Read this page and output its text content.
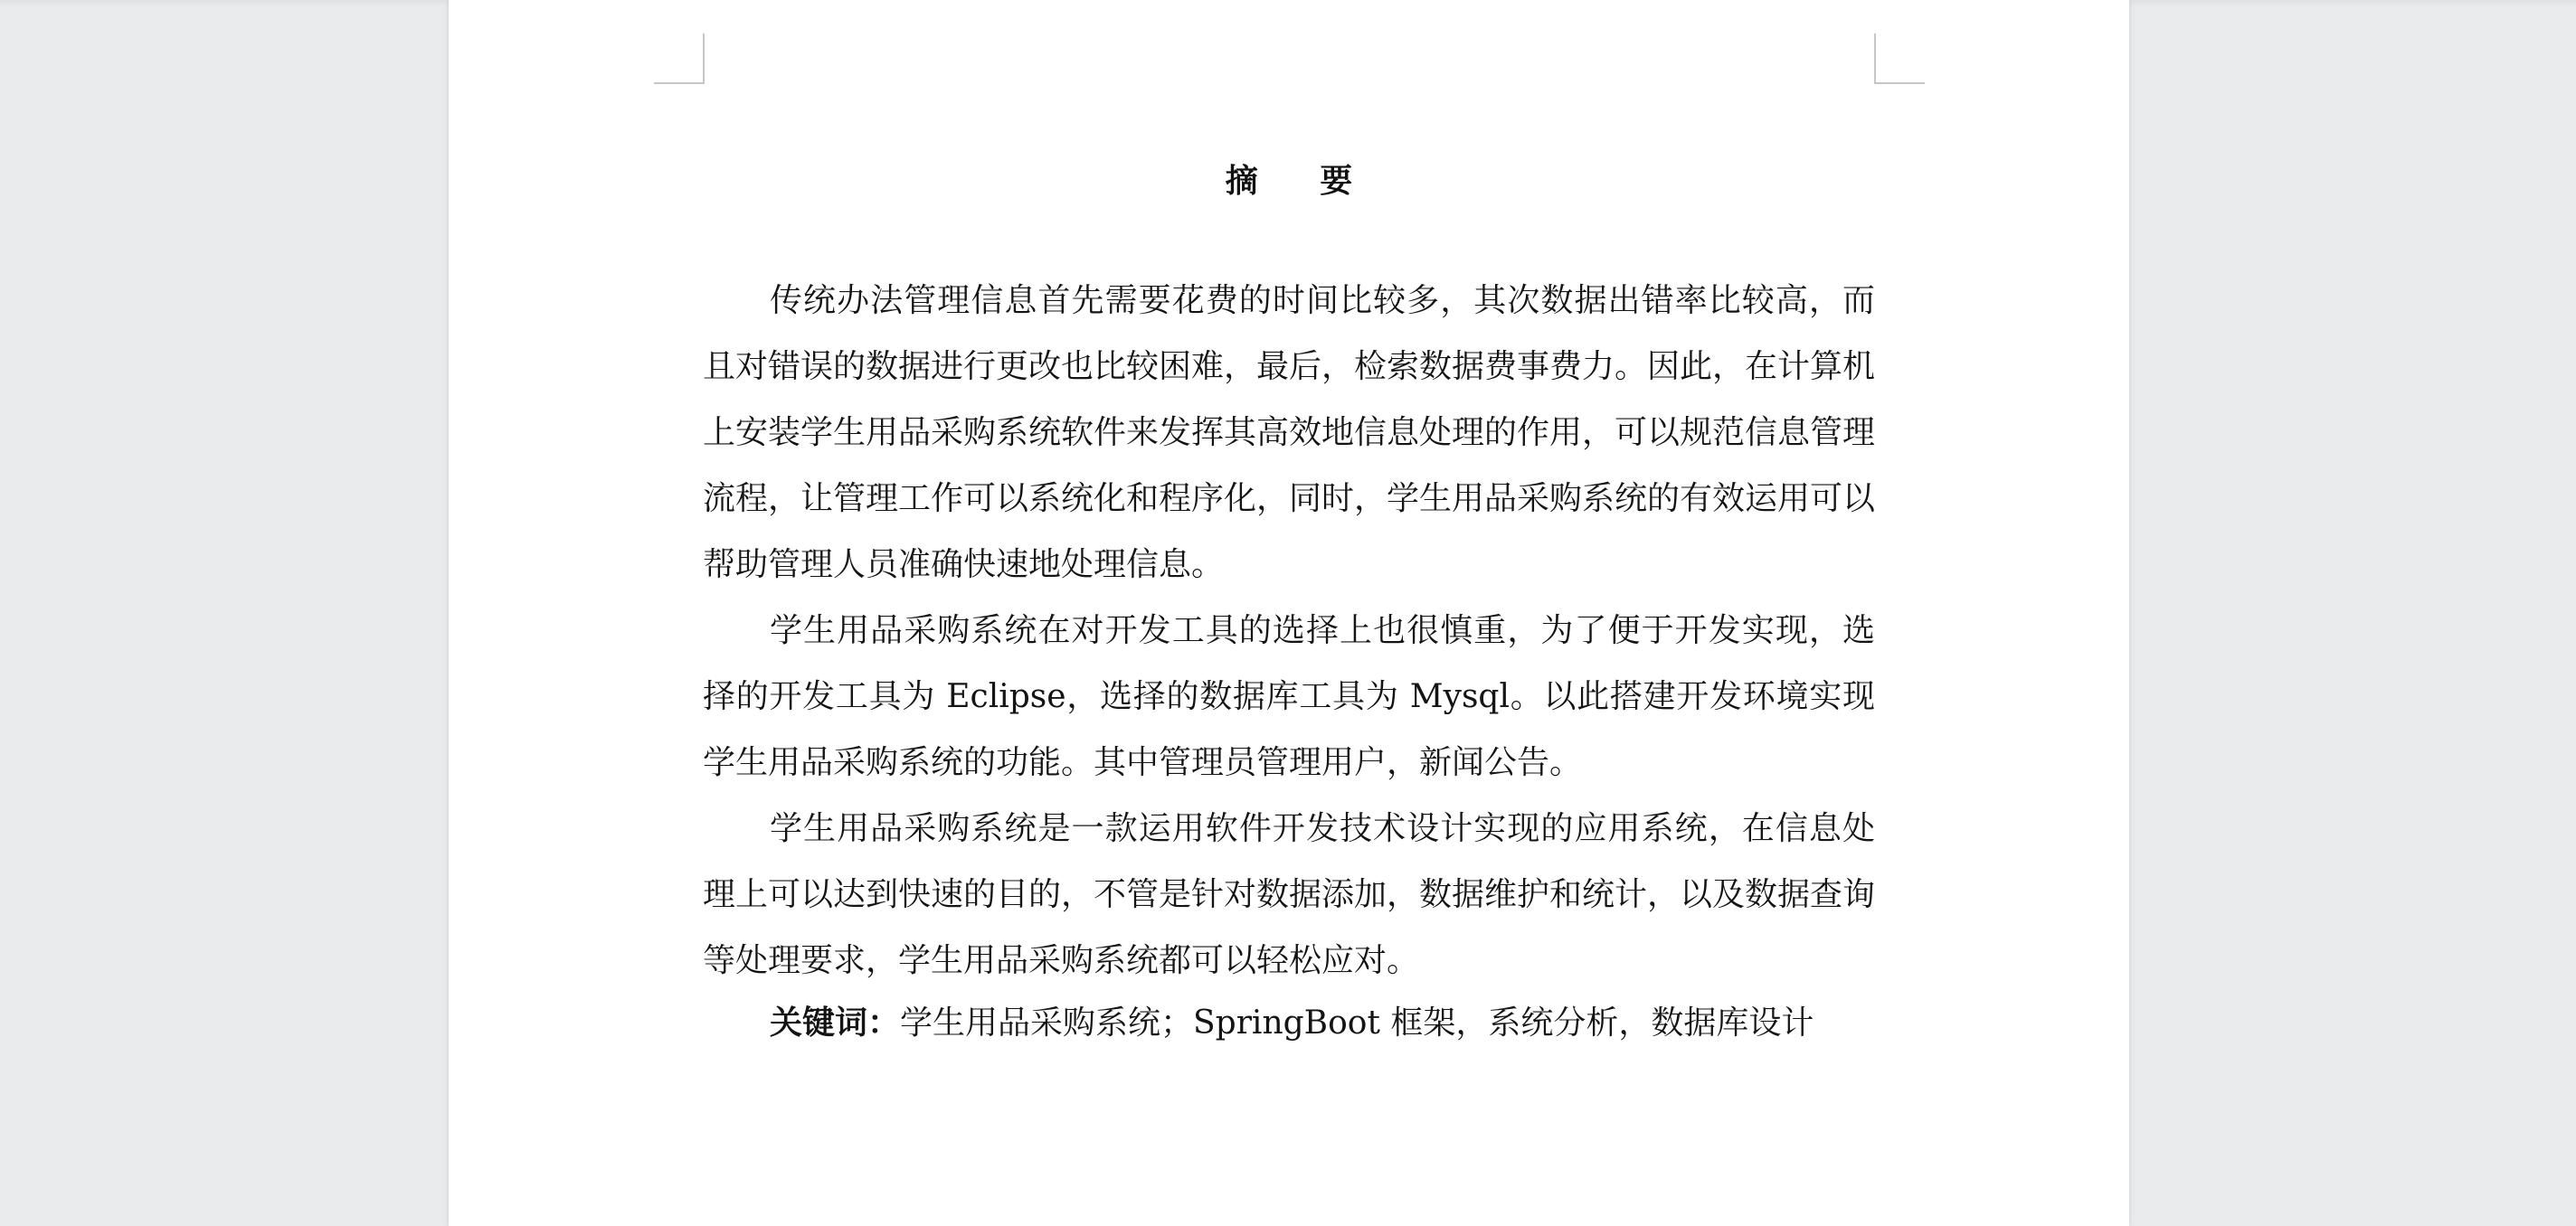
摘 要

传统办法管理信息首先需要花费的时间比较多，其次数据出错率比较高，而且对错误的数据进行更改也比较困难，最后，检索数据费事费力。因此，在计算机上安装学生用品采购系统软件来发挥其高效地信息处理的作用，可以规范信息管理流程，让管理工作可以系统化和程序化，同时，学生用品采购系统的有效运用可以帮助管理人员准确快速地处理信息。

学生用品采购系统在对开发工具的选择上也很慎重，为了便于开发实现，选择的开发工具为 Eclipse，选择的数据库工具为 Mysql。以此搭建开发环境实现学生用品采购系统的功能。其中管理员管理用户，新闻公告。

学生用品采购系统是一款运用软件开发技术设计实现的应用系统，在信息处理上可以达到快速的目的，不管是针对数据添加，数据维护和统计，以及数据查询等处理要求，学生用品采购系统都可以轻松应对。

关键词：学生用品采购系统；SpringBoot 框架，系统分析，数据库设计
